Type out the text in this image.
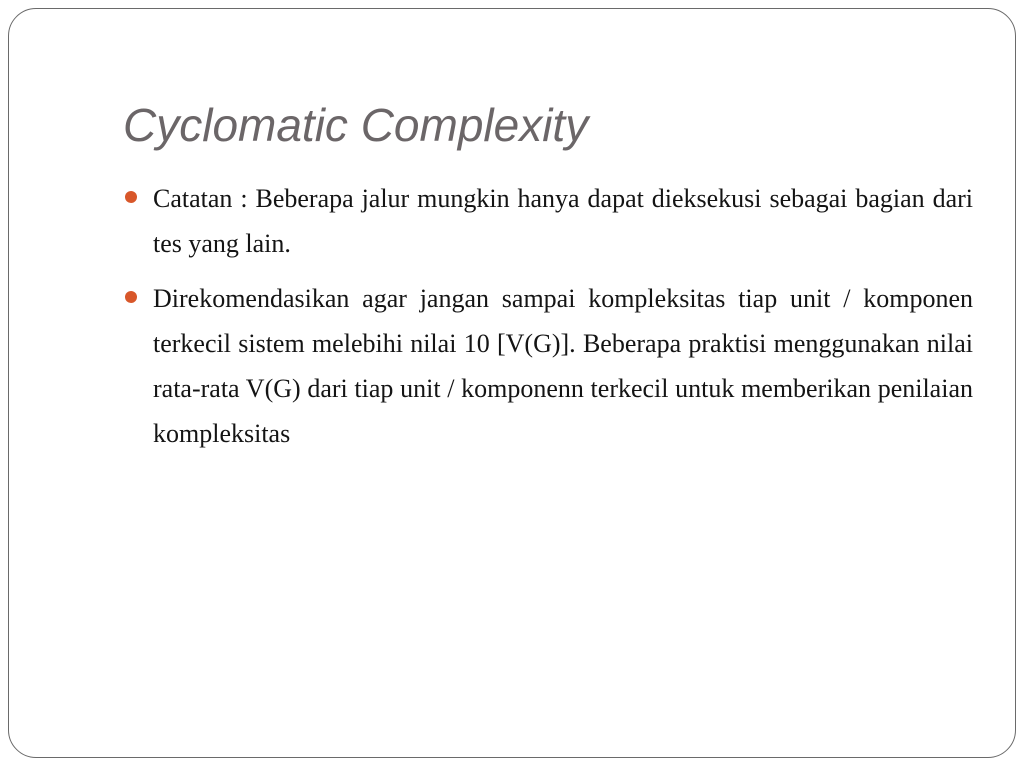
Cyclomatic Complexity
Catatan : Beberapa jalur mungkin hanya dapat dieksekusi sebagai bagian dari tes yang lain.
Direkomendasikan agar jangan sampai kompleksitas tiap unit / komponen terkecil sistem melebihi nilai 10 [V(G)]. Beberapa praktisi menggunakan nilai rata-rata V(G) dari tiap unit / komponenn terkecil untuk memberikan penilaian kompleksitas
